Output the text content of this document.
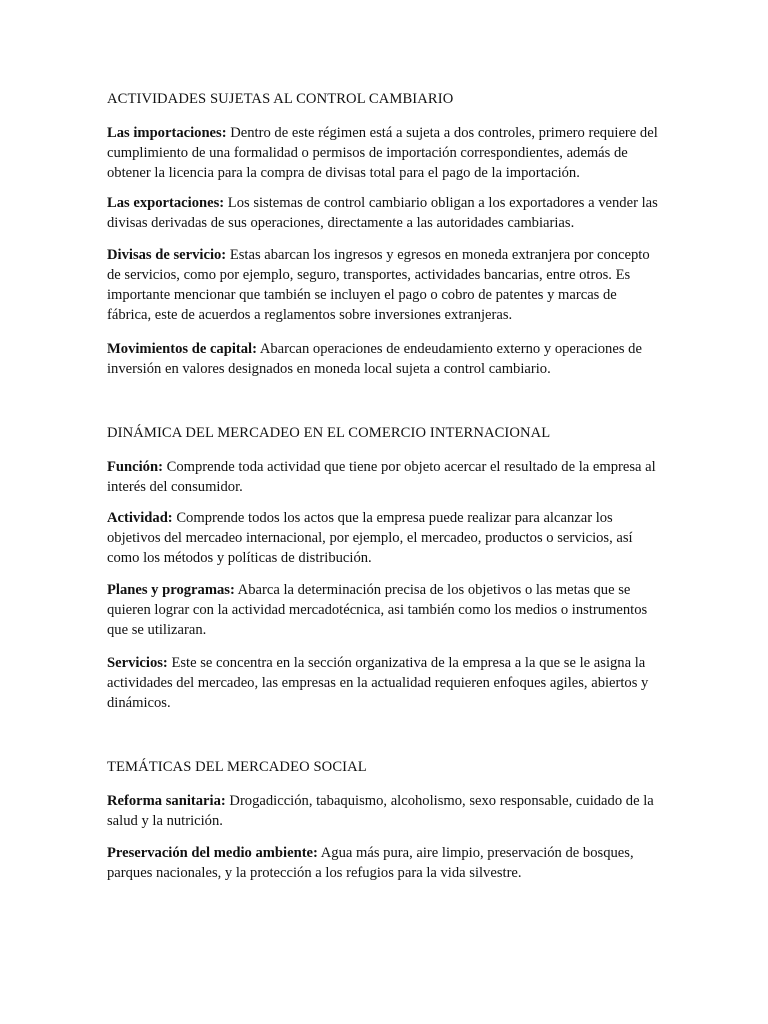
ACTIVIDADES SUJETAS AL CONTROL CAMBIARIO

Las importaciones: Dentro de este régimen está a sujeta a dos controles, primero requiere del cumplimiento de una formalidad o permisos de importación correspondientes, además de obtener la licencia para la compra de divisas total para el pago de la importación.

Las exportaciones: Los sistemas de control cambiario obligan a los exportadores a vender las divisas derivadas de sus operaciones, directamente a las autoridades cambiarias.

Divisas de servicio: Estas abarcan los ingresos y egresos en moneda extranjera por concepto de servicios, como por ejemplo, seguro, transportes, actividades bancarias, entre otros. Es importante mencionar que también se incluyen el pago o cobro de patentes y marcas de fábrica, este de acuerdos a reglamentos sobre inversiones extranjeras.

Movimientos de capital: Abarcan operaciones de endeudamiento externo y operaciones de inversión en valores designados en moneda local sujeta a control cambiario.

DINÁMICA DEL MERCADEO EN EL COMERCIO INTERNACIONAL

Función: Comprende toda actividad que tiene por objeto acercar el resultado de la empresa al interés del consumidor.

Actividad: Comprende todos los actos que la empresa puede realizar para alcanzar los objetivos del mercadeo internacional, por ejemplo, el mercadeo, productos o servicios, así como los métodos y políticas de distribución.

Planes y programas: Abarca la determinación precisa de los objetivos o las metas que se quieren lograr con la actividad mercadotécnica, asi también como los medios o instrumentos que se utilizaran.

Servicios: Este se concentra en la sección organizativa de la empresa a la que se le asigna la actividades del mercadeo, las empresas en la actualidad requieren enfoques agiles, abiertos y dinámicos.

TEMÁTICAS DEL MERCADEO SOCIAL

Reforma sanitaria: Drogadicción, tabaquismo, alcoholismo, sexo responsable, cuidado de la salud y la nutrición.

Preservación del medio ambiente: Agua más pura, aire limpio, preservación de bosques, parques nacionales, y la protección a los refugios para la vida silvestre.
